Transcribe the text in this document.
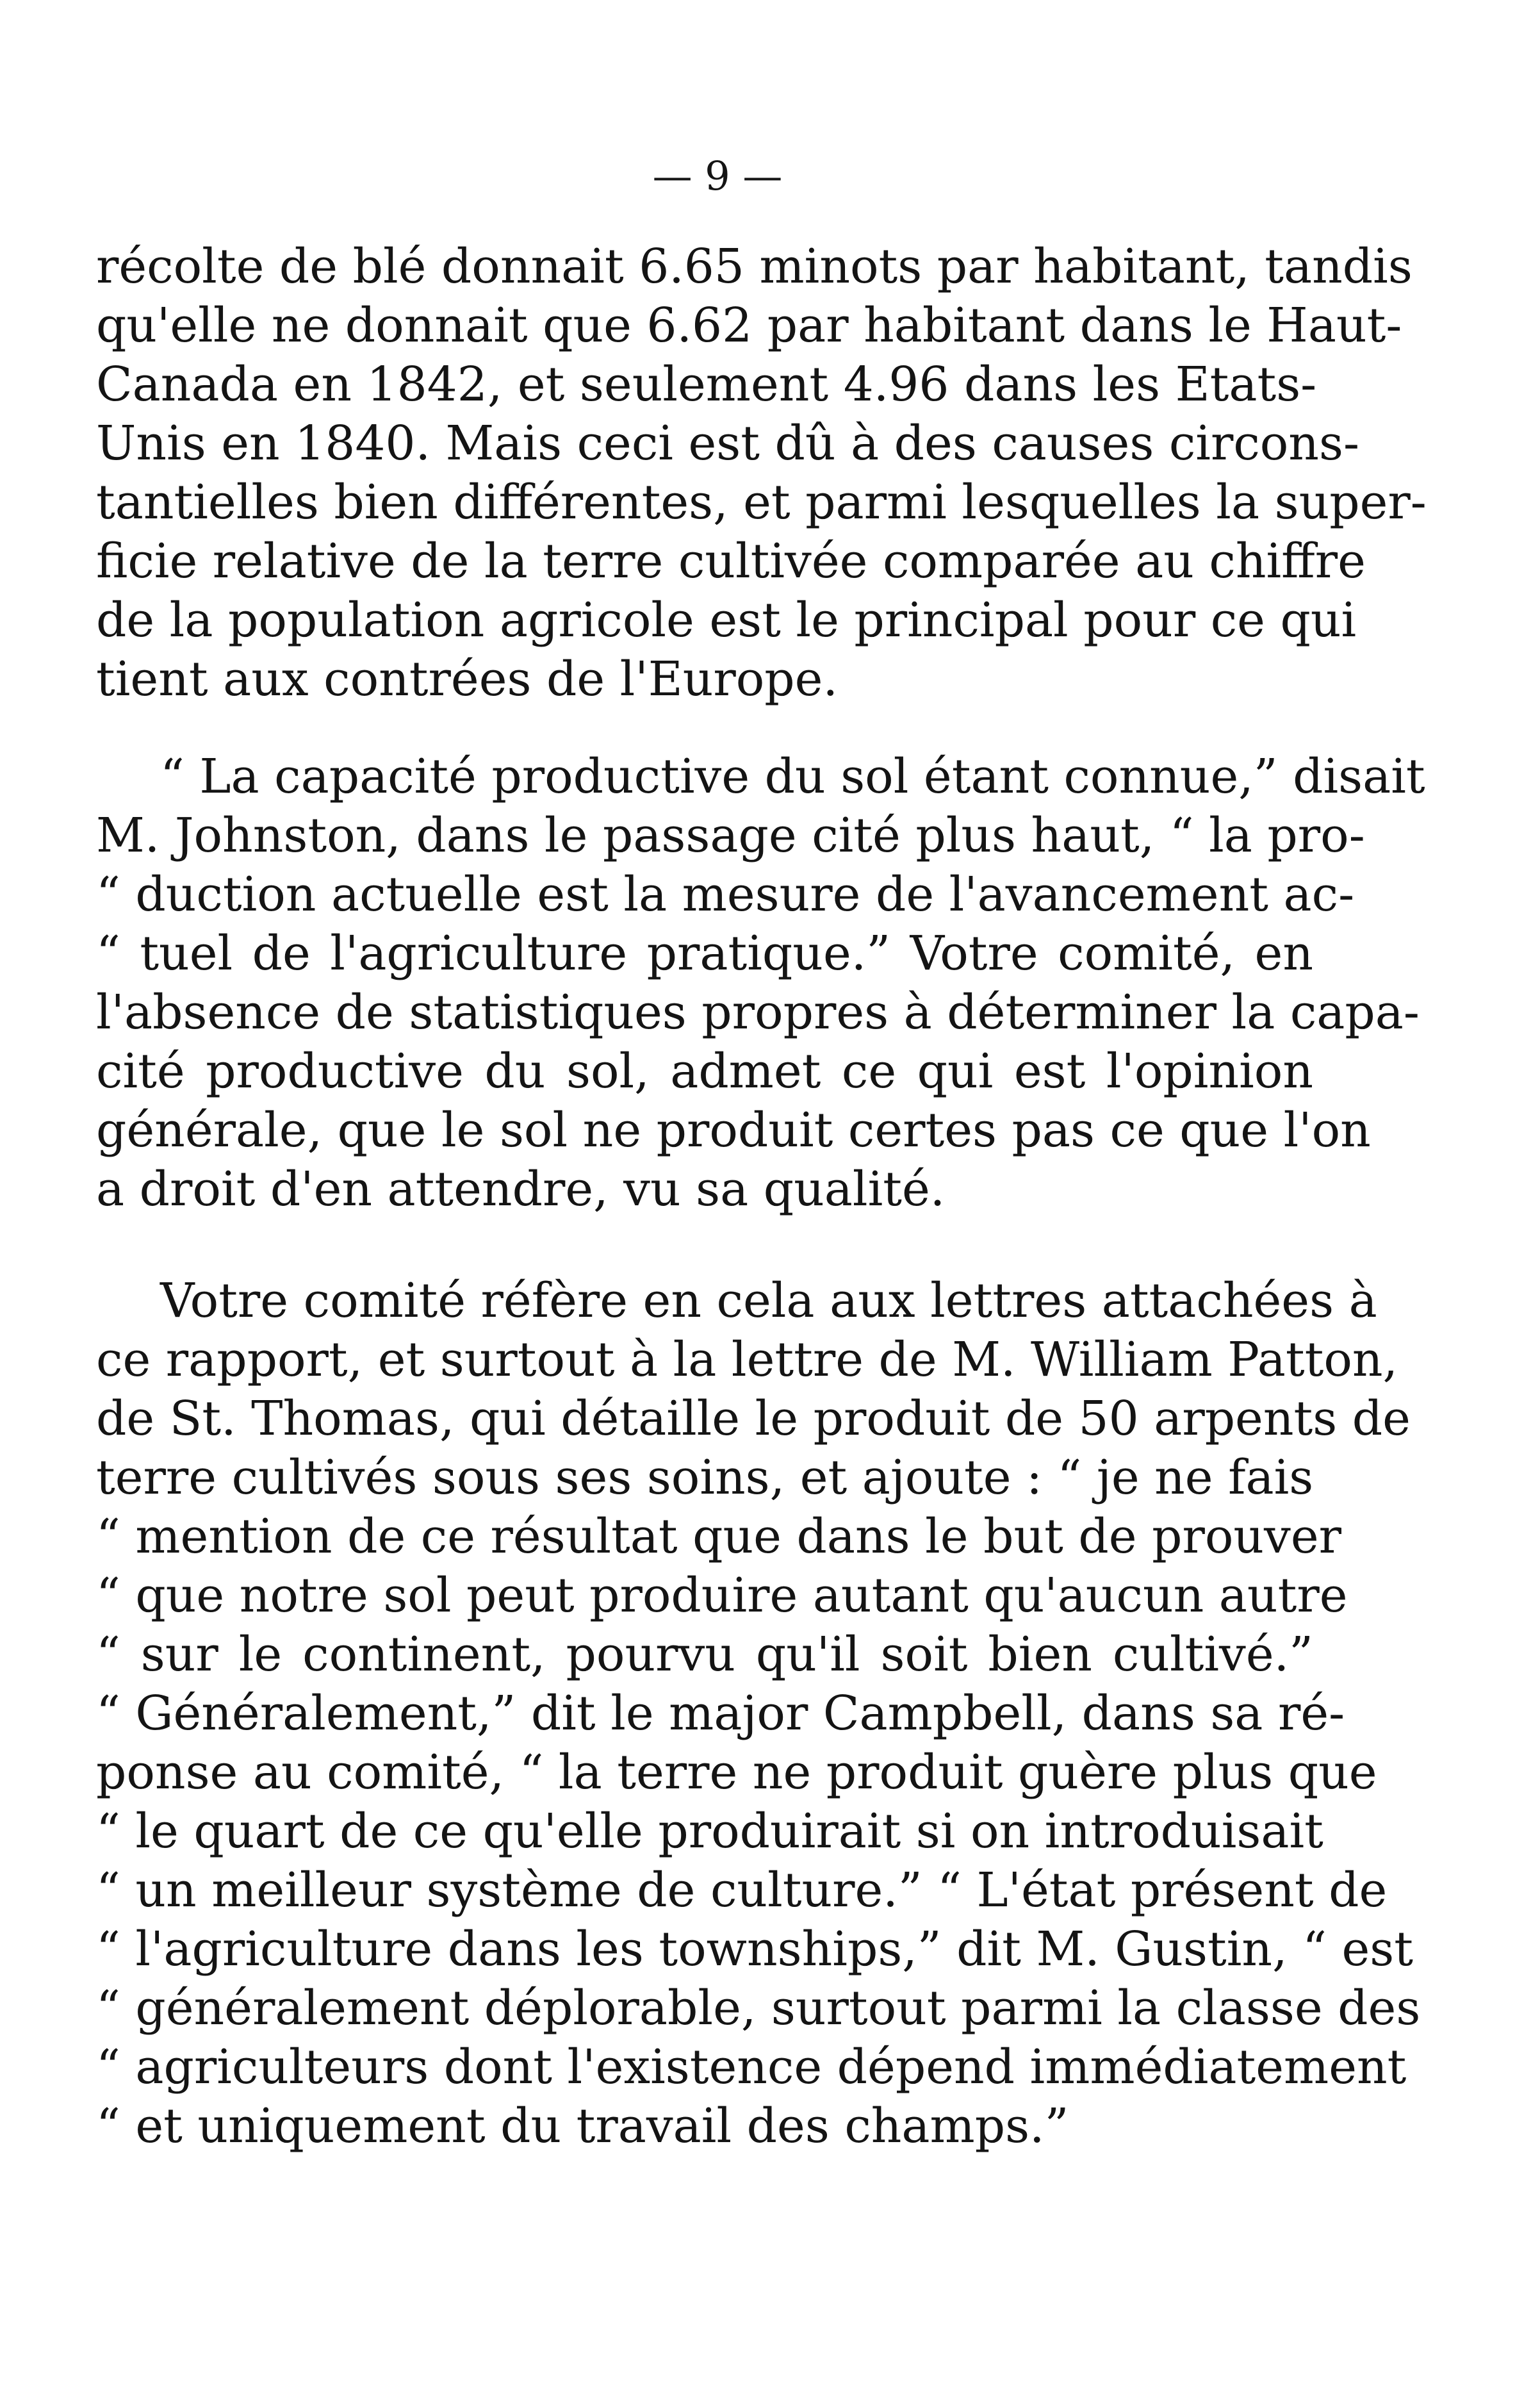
— 9 —
récolte de blé donnait 6.65 minots par habitant, tandis
qu'elle ne donnait que 6.62 par habitant dans le Haut-
Canada en 1842, et seulement 4.96 dans les Etats-
Unis en 1840. Mais ceci est dû à des causes circons-
tantielles bien différentes, et parmi lesquelles la super-
ficie relative de la terre cultivée comparée au chiffre
de la population agricole est le principal pour ce qui
tient aux contrées de l'Europe.
“ La capacité productive du sol étant connue,” disait
M. Johnston, dans le passage cité plus haut, “ la pro-
“ duction actuelle est la mesure de l'avancement ac-
“ tuel de l'agriculture pratique.” Votre comité, en
l'absence de statistiques propres à déterminer la capa-
cité productive du sol, admet ce qui est l'opinion
générale, que le sol ne produit certes pas ce que l'on
a droit d'en attendre, vu sa qualité.
Votre comité réfère en cela aux lettres attachées à
ce rapport, et surtout à la lettre de M. William Patton,
de St. Thomas, qui détaille le produit de 50 arpents de
terre cultivés sous ses soins, et ajoute : “ je ne fais
“ mention de ce résultat que dans le but de prouver
“ que notre sol peut produire autant qu'aucun autre
“ sur le continent, pourvu qu'il soit bien cultivé.”
“ Généralement,” dit le major Campbell, dans sa ré-
ponse au comité, “ la terre ne produit guère plus que
“ le quart de ce qu'elle produirait si on introduisait
“ un meilleur système de culture.” “ L'état présent de
“ l'agriculture dans les townships,” dit M. Gustin, “ est
“ généralement déplorable, surtout parmi la classe des
“ agriculteurs dont l'existence dépend immédiatement
“ et uniquement du travail des champs.”
